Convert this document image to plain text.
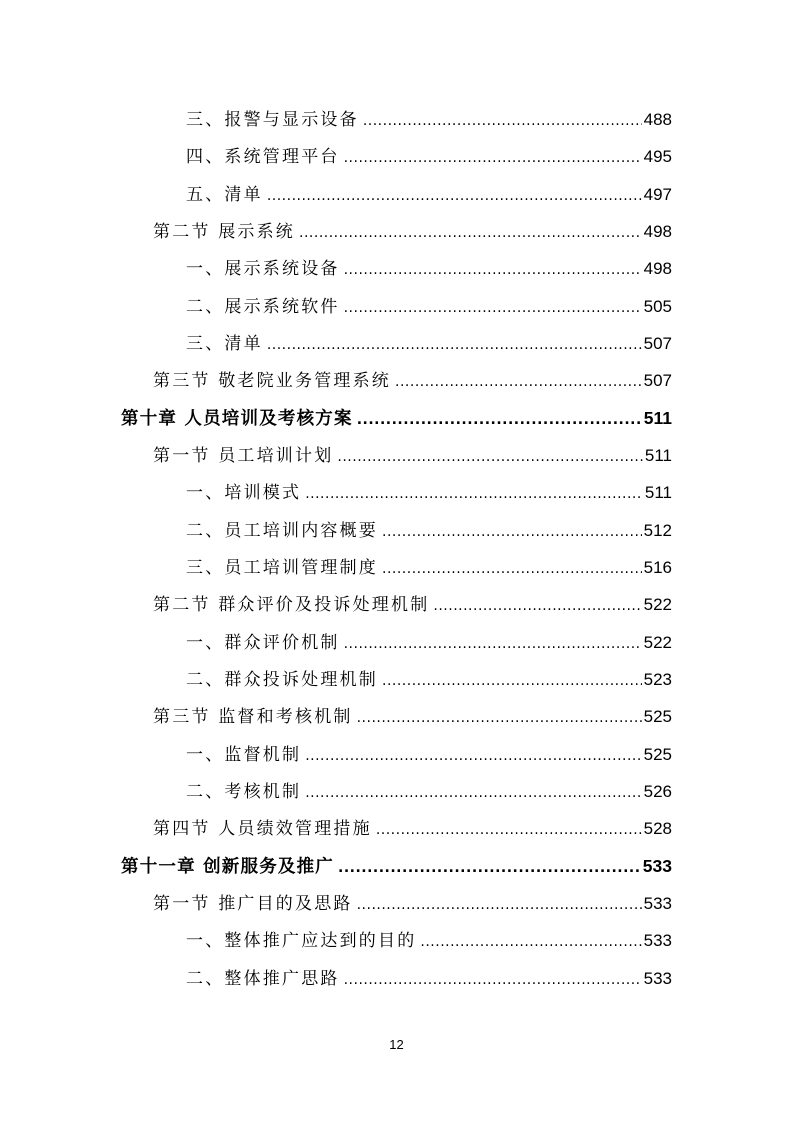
三、报警与显示设备 .....	488
四、系统管理平台 .....	495
五、清单 .....	497
第二节 展示系统 .....	498
一、展示系统设备 .....	498
二、展示系统软件 .....	505
三、清单 .....	507
第三节 敬老院业务管理系统 .....	507
第十章 人员培训及考核方案 .....	511
第一节 员工培训计划 .....	511
一、培训模式 .....	511
二、员工培训内容概要 .....	512
三、员工培训管理制度 .....	516
第二节 群众评价及投诉处理机制 .....	522
一、群众评价机制 .....	522
二、群众投诉处理机制 .....	523
第三节 监督和考核机制 .....	525
一、监督机制 .....	525
二、考核机制 .....	526
第四节 人员绩效管理措施 .....	528
第十一章 创新服务及推广 .....	533
第一节 推广目的及思路 .....	533
一、整体推广应达到的目的 .....	533
二、整体推广思路 .....	533
12
